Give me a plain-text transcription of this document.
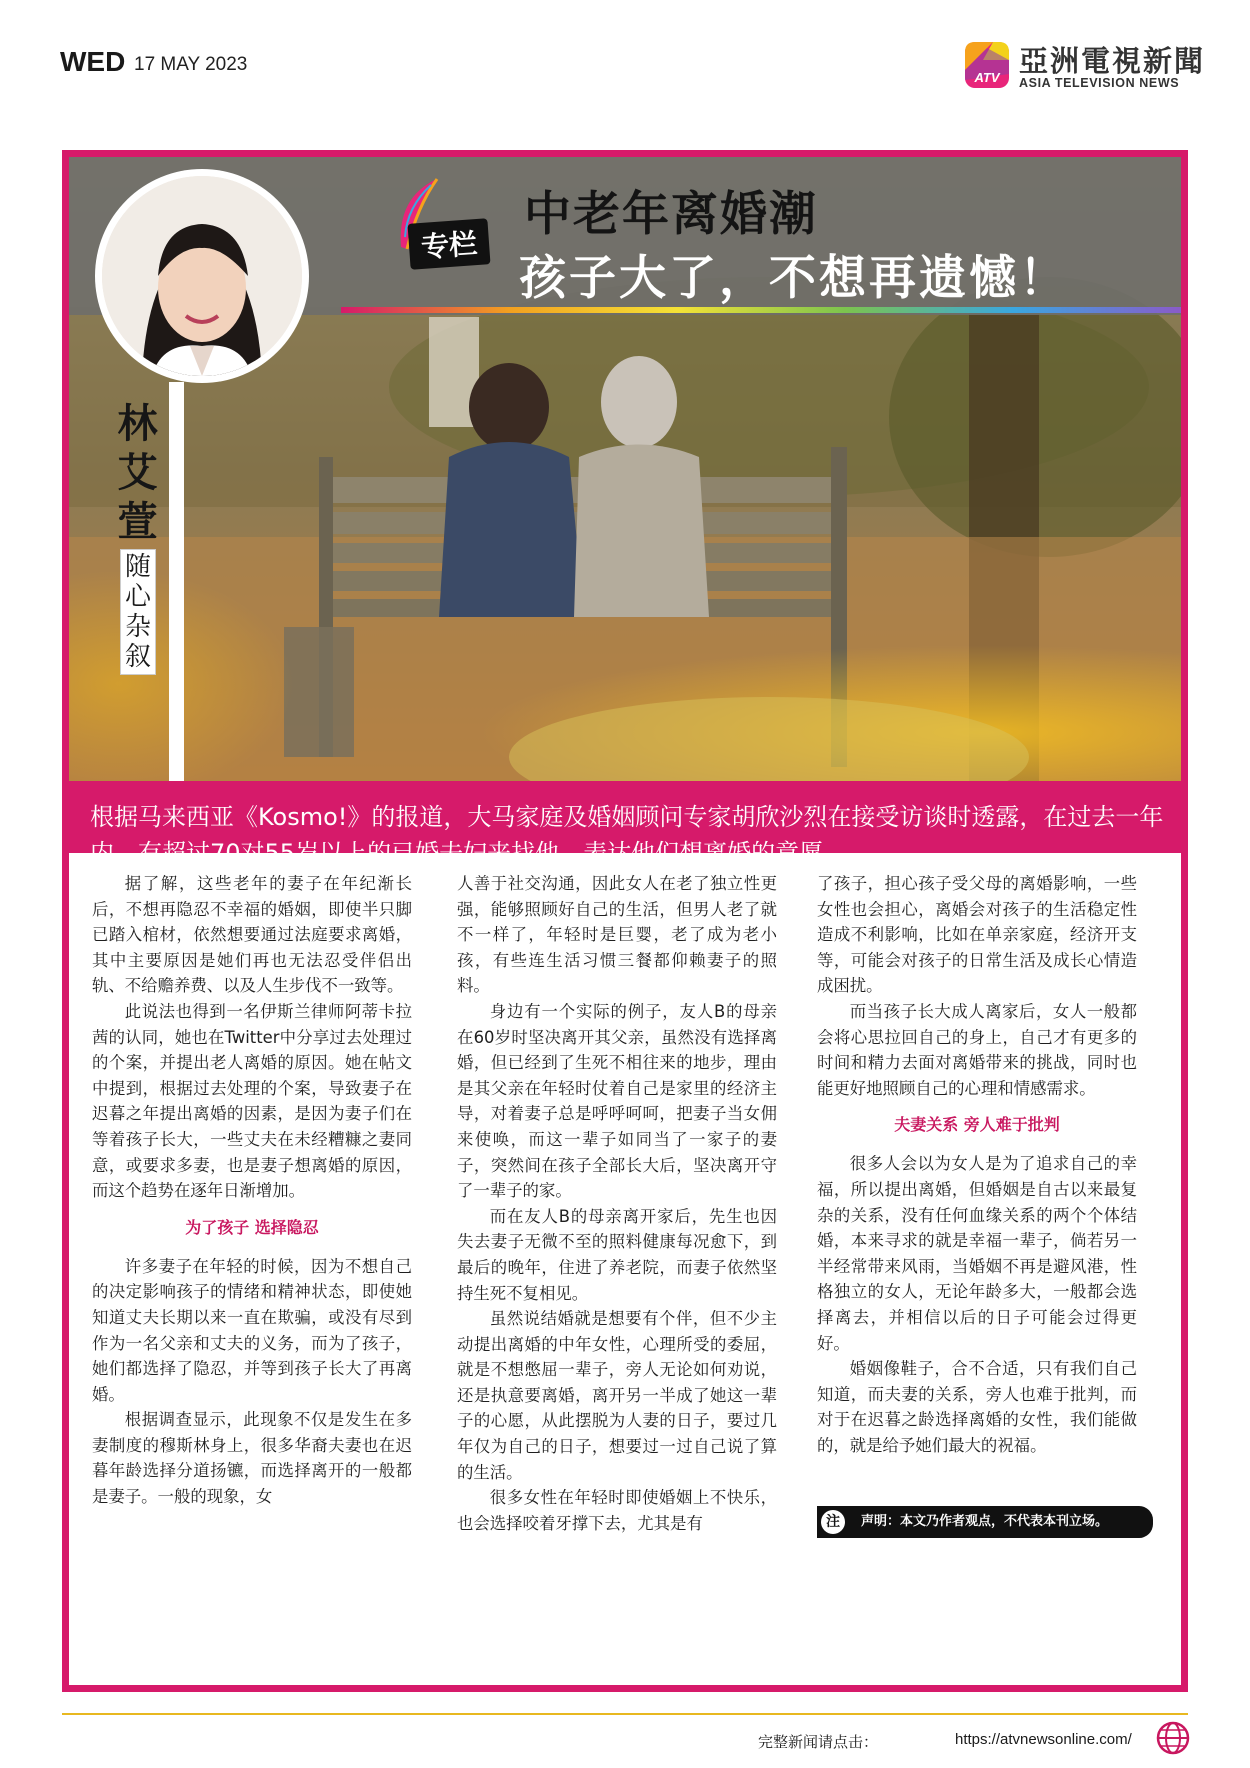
WED 17 MAY 2023
ATV 亞洲電視新聞
ASIA TELEVISION NEWS
专栏
中老年离婚潮
孩子大了，不想再遗憾！
林
艾
萱
随
心
杂
叙
根据马来西亚《Kosmo!》的报道，大马家庭及婚姻顾问专家胡欣沙烈在接受访谈时透露，在过去一年

据了解，这些老年的妻子在年纪渐长后，不想再隐忍不幸福的婚姻，即使半只脚已踏入棺材，依然想要通过法庭要求离婚，其中主要原因是她们再也无法忍受伴侣出轨、不给赡养费、以及人生步伐不一致等。

此说法也得到一名伊斯兰律师阿蒂卡拉茜的认同，她也在Twitter中分享过去处理过的个案，并提出老人离婚的原因。她在帖文中提到，根据过去处理的个案，导致妻子在迟暮之年提出离婚的因素，是因为妻子们在等着孩子长大，一些丈夫在未经糟糠之妻同意，或要求多妻，也是妻子想离婚的原因，而这个趋势在逐年日渐增加。

为了孩子 选择隐忍

许多妻子在年轻的时候，因为不想自己的决定影响孩子的情绪和精神状态，即使她知道丈夫长期以来一直在欺骗，或没有尽到作为一名父亲和丈夫的义务，而为了孩子，她们都选择了隐忍，并等到孩子长大了再离婚。

根据调查显示，此现象不仅是发生在多妻制度的穆斯林身上，很多华裔夫妻也在迟暮年龄选择分道扬镳，而选择离开的一般都是妻子。一般的现象，女

人善于社交沟通，因此女人在老了独立性更强，能够照顾好自己的生活，但男人老了就不一样了，年轻时是巨婴，老了成为老小孩，有些连生活习惯三餐都仰赖妻子的照料。

身边有一个实际的例子，友人B的母亲在60岁时坚决离开其父亲，虽然没有选择离婚，但已经到了生死不相往来的地步，理由是其父亲在年轻时仗着自己是家里的经济主导，对着妻子总是呼呼呵呵，把妻子当女佣来使唤，而这一辈子如同当了一家子的妻子，突然间在孩子全部长大后，坚决离开守了一辈子的家。

而在友人B的母亲离开家后，先生也因失去妻子无微不至的照料健康每况愈下，到最后的晚年，住进了养老院，而妻子依然坚持生死不复相见。

虽然说结婚就是想要有个伴，但不少主动提出离婚的中年女性，心理所受的委屈，就是不想憋屈一辈子，旁人无论如何劝说，还是执意要离婚，离开另一半成了她这一辈子的心愿，从此摆脱为人妻的日子，要过几年仅为自己的日子，想要过一过自己说了算的生活。

很多女性在年轻时即使婚姻上不快乐，也会选择咬着牙撑下去，尤其是有

了孩子，担心孩子受父母的离婚影响，一些女性也会担心，离婚会对孩子的生活稳定性造成不利影响，比如在单亲家庭，经济开支等，可能会对孩子的日常生活及成长心情造成困扰。

而当孩子长大成人离家后，女人一般都会将心思拉回自己的身上，自己才有更多的时间和精力去面对离婚带来的挑战，同时也能更好地照顾自己的心理和情感需求。

夫妻关系 旁人难于批判

很多人会以为女人是为了追求自己的幸福，所以提出离婚，但婚姻是自古以来最复杂的关系，没有任何血缘关系的两个个体结婚，本来寻求的就是幸福一辈子，倘若另一半经常带来风雨，当婚姻不再是避风港，性格独立的女人，无论年龄多大，一般都会选择离去，并相信以后的日子可能会过得更好。

婚姻像鞋子，合不合适，只有我们自己知道，而夫妻的关系，旁人也难于批判，而对于在迟暮之龄选择离婚的女性，我们能做的，就是给予她们最大的祝福。

注	声明：本文乃作者观点，不代表本刊立场。
完整新闻请点击：	https://atvnewsonline.com/
